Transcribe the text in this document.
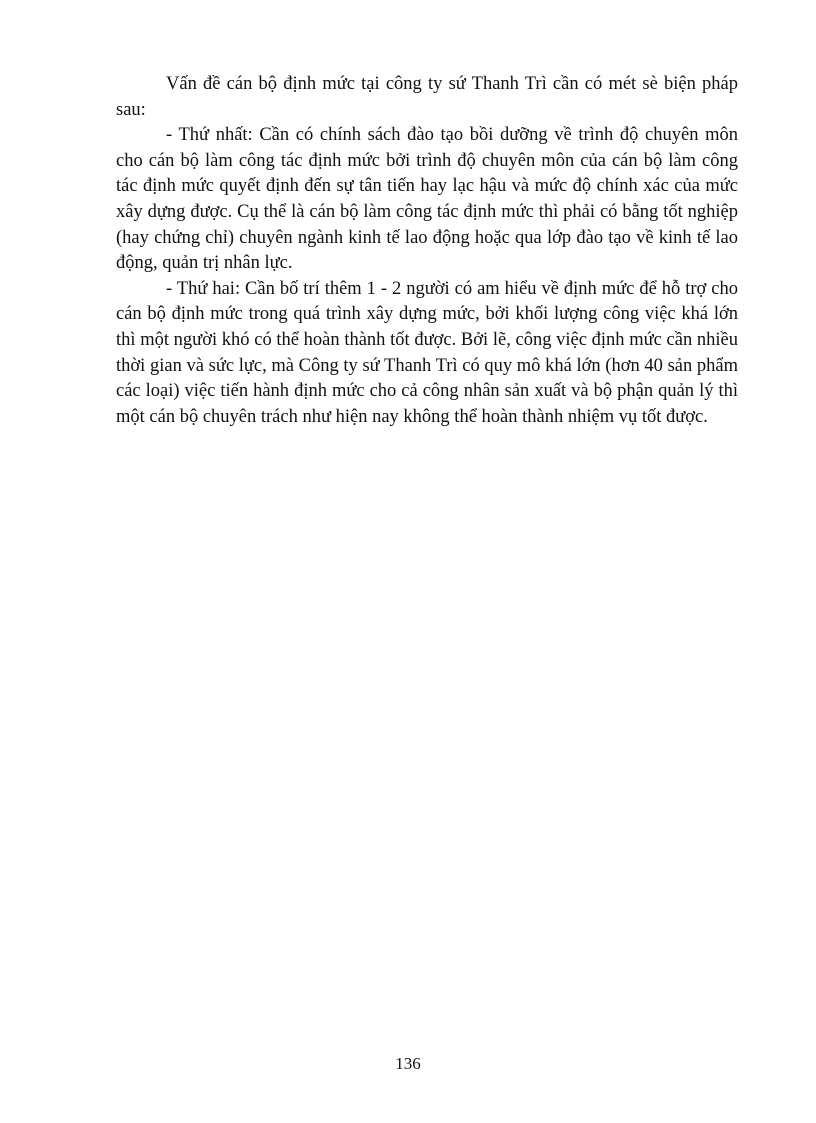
Vấn đề cán bộ định mức tại công ty sứ Thanh Trì cần có mét sè biện pháp sau:

- Thứ nhất: Cần có chính sách đào tạo bồi dưỡng về trình độ chuyên môn cho cán bộ làm công tác định mức bởi trình độ chuyên môn của cán bộ làm công tác định mức quyết định đến sự tân tiến hay lạc hậu và mức độ chính xác của mức xây dựng được. Cụ thể là cán bộ làm công tác định mức thì phải có bằng tốt nghiệp (hay chứng chỉ) chuyên ngành kinh tế lao động hoặc qua lớp đào tạo về kinh tế lao động, quản trị nhân lực.

- Thứ hai: Cần bố trí thêm 1 - 2 người có am hiểu về định mức để hỗ trợ cho cán bộ định mức trong quá trình xây dựng mức, bởi khối lượng công việc khá lớn thì một người khó có thể hoàn thành tốt được. Bởi lẽ, công việc định mức cần nhiều thời gian và sức lực, mà Công ty sứ Thanh Trì có quy mô khá lớn (hơn 40 sản phẩm các loại) việc tiến hành định mức cho cả công nhân sản xuất và bộ phận quản lý thì một cán bộ chuyên trách như hiện nay không thể hoàn thành nhiệm vụ tốt được.

136
